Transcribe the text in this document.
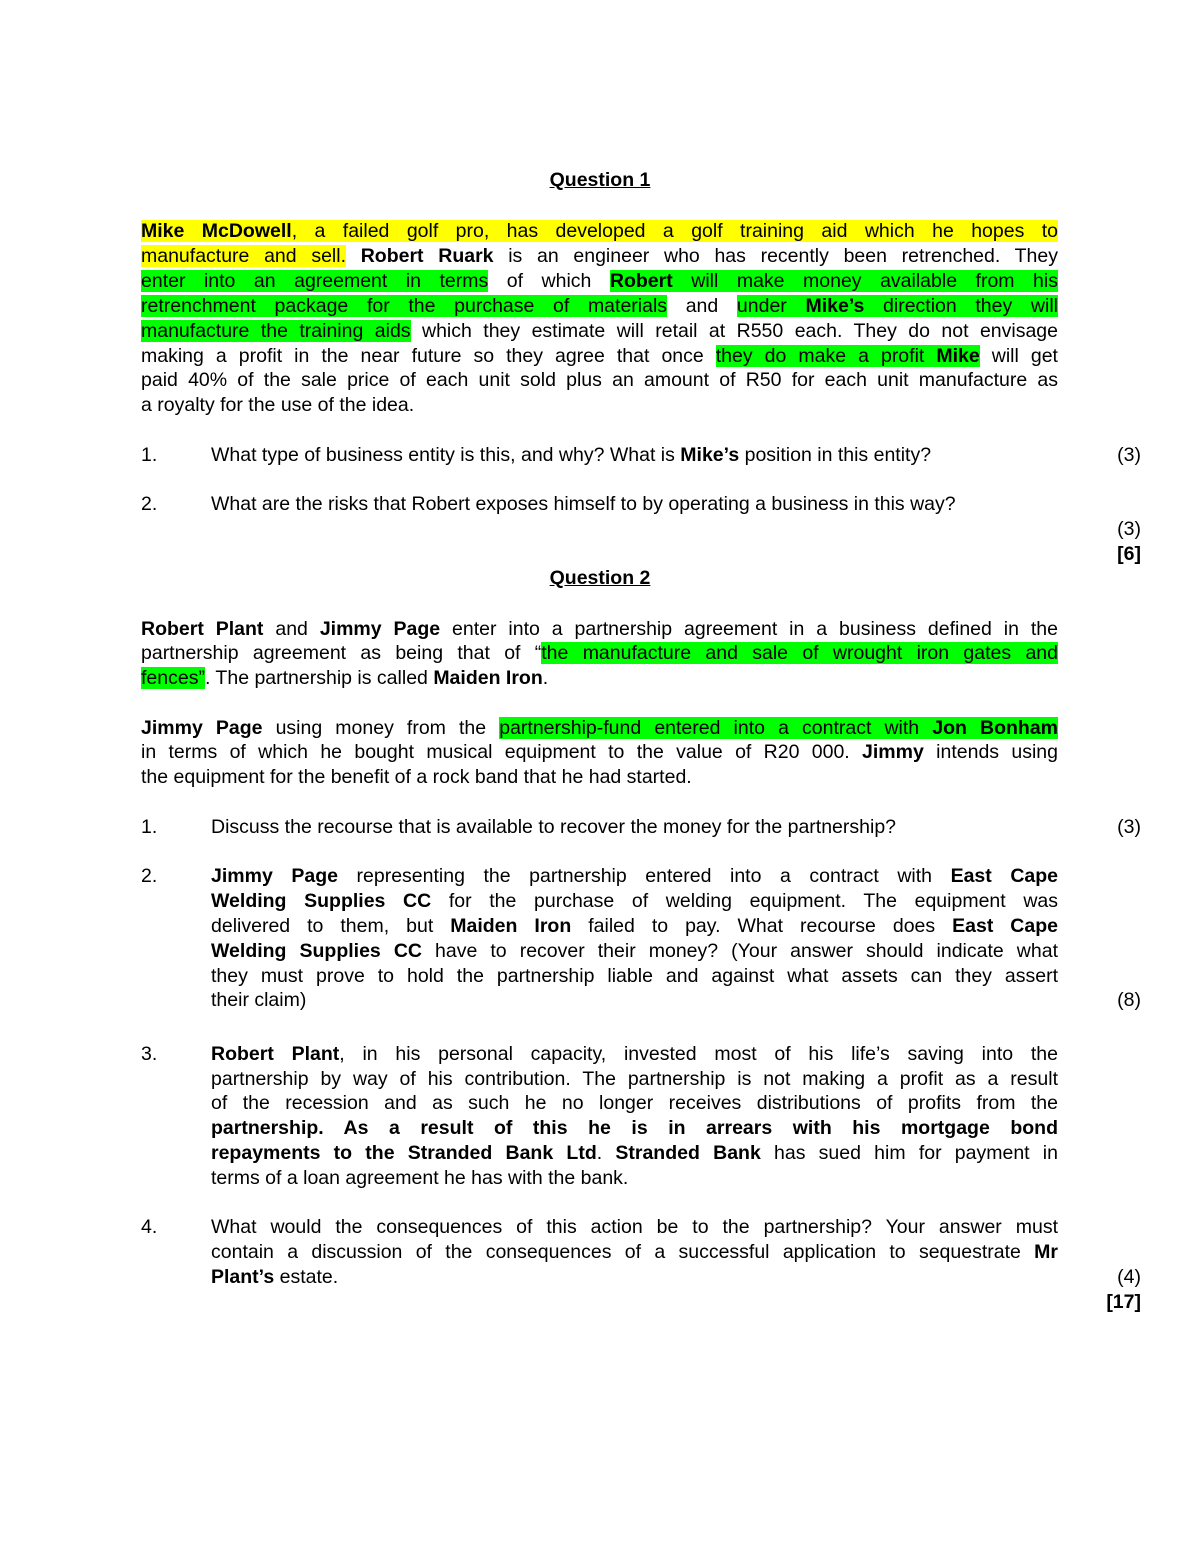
Question 1
Mike McDowell, a failed golf pro, has developed a golf training aid which he hopes to
manufacture and sell. Robert Ruark is an engineer who has recently been retrenched. They
enter into an agreement in terms of which Robert will make money available from his
retrenchment package for the purchase of materials and under Mike’s direction they will
manufacture the training aids which they estimate will retail at R550 each. They do not envisage
making a profit in the near future so they agree that once they do make a profit Mike will get
paid 40% of the sale price of each unit sold plus an amount of R50 for each unit manufacture as
a royalty for the use of the idea.
1.	What type of business entity is this, and why? What is Mike’s position in this entity?	(3)
2.	What are the risks that Robert exposes himself to by operating a business in this way?
(3)
[6]
Question 2
Robert Plant and Jimmy Page enter into a partnership agreement in a business defined in the
partnership agreement as being that of “the manufacture and sale of wrought iron gates and
fences”. The partnership is called Maiden Iron.
Jimmy Page using money from the partnership-fund entered into a contract with Jon Bonham
in terms of which he bought musical equipment to the value of R20 000. Jimmy intends using
the equipment for the benefit of a rock band that he had started.
1.	Discuss the recourse that is available to recover the money for the partnership?	(3)
2.	Jimmy Page representing the partnership entered into a contract with East Cape
Welding Supplies CC for the purchase of welding equipment. The equipment was
delivered to them, but Maiden Iron failed to pay. What recourse does East Cape
Welding Supplies CC have to recover their money? (Your answer should indicate what
they must prove to hold the partnership liable and against what assets can they assert
their claim)	(8)
3.	Robert Plant, in his personal capacity, invested most of his life’s saving into the
partnership by way of his contribution. The partnership is not making a profit as a result
of the recession and as such he no longer receives distributions of profits from the
partnership. As a result of this he is in arrears with his mortgage bond
repayments to the Stranded Bank Ltd. Stranded Bank has sued him for payment in
terms of a loan agreement he has with the bank.
4.	What would the consequences of this action be to the partnership? Your answer must
contain a discussion of the consequences of a successful application to sequestrate Mr
Plant’s estate.	(4)
[17]
